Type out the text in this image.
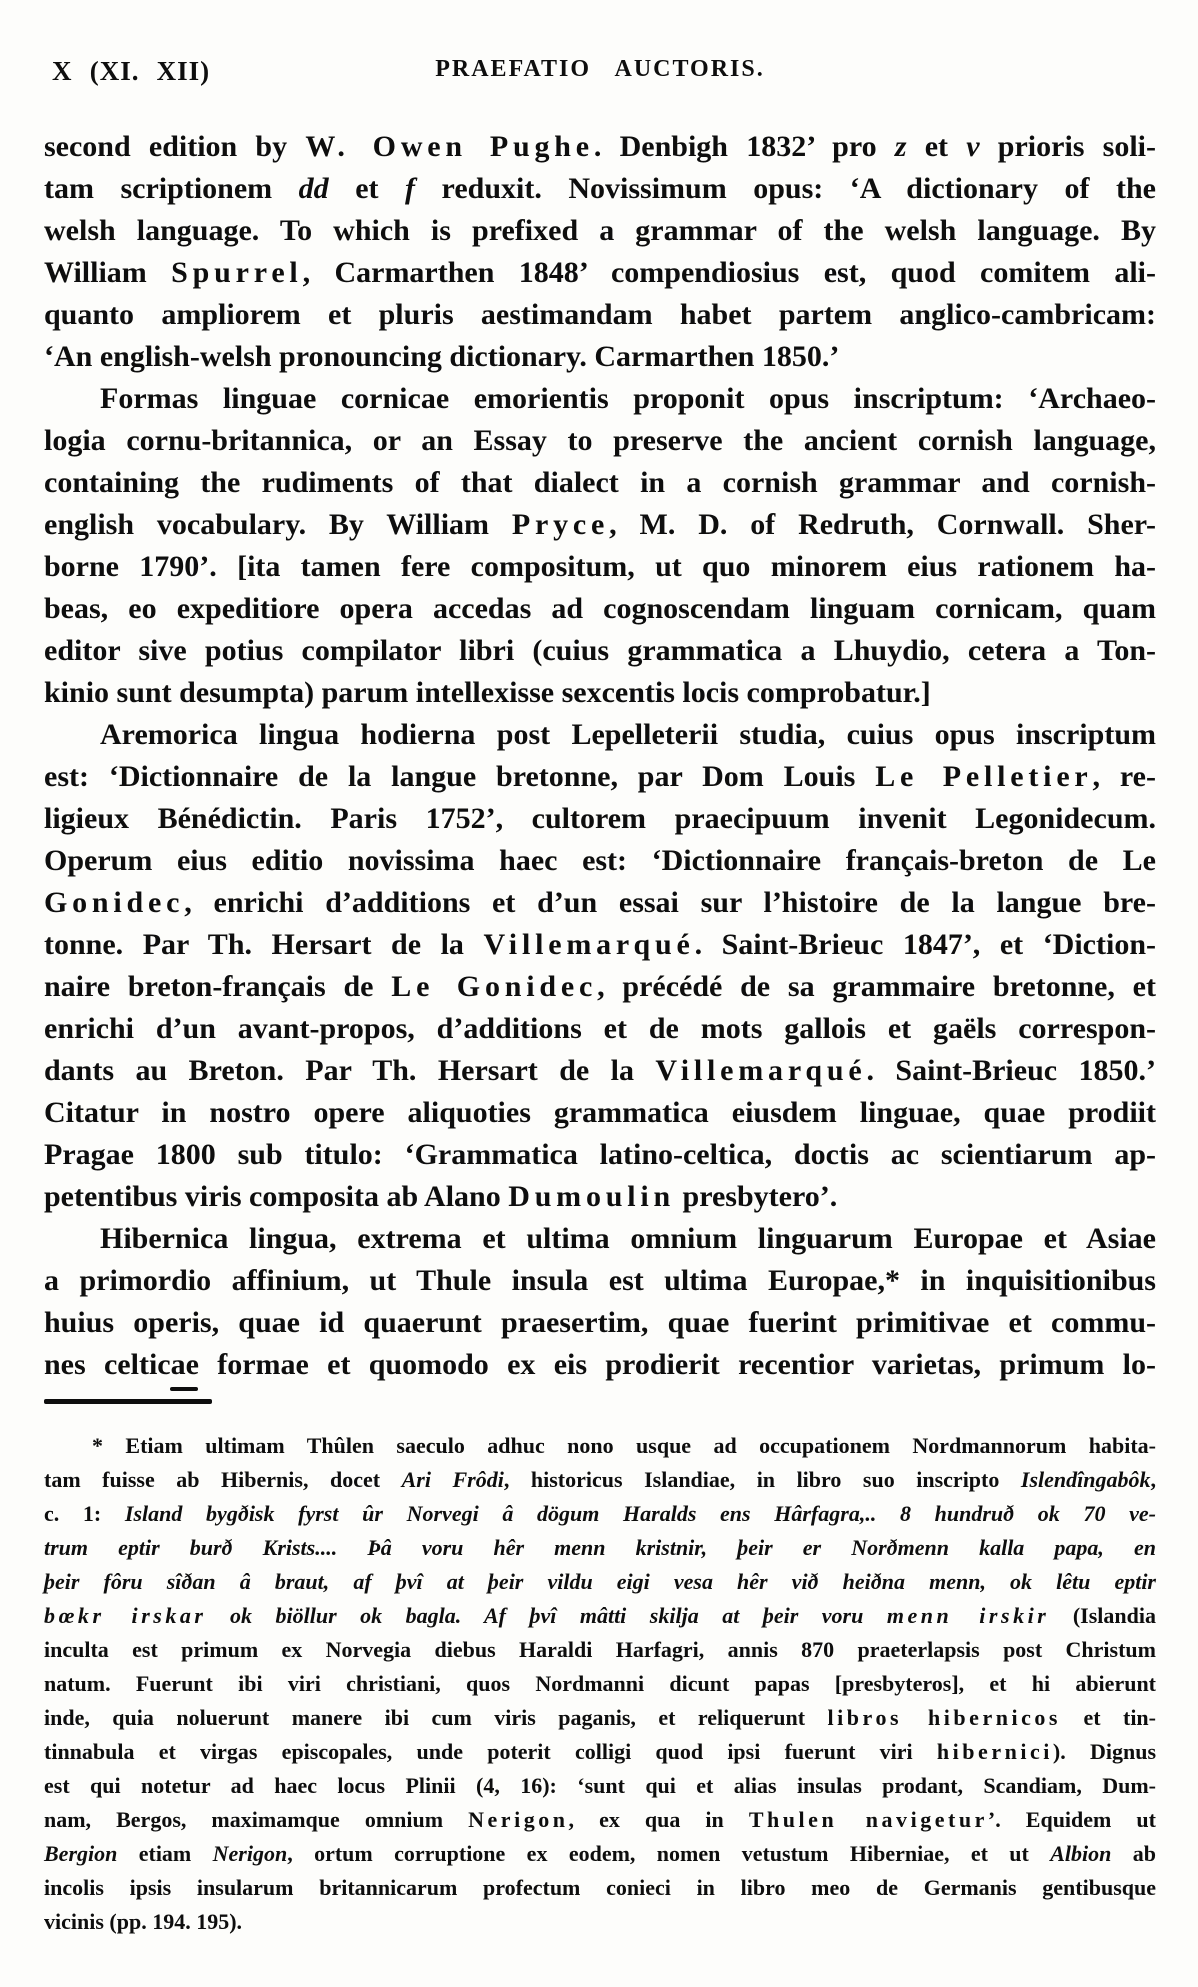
X (XI. XII)	PRAEFATIO AUCTORIS.
second edition by W. Owen Pughe. Denbigh 1832’ pro z et v prioris soli-
tam scriptionem dd et f reduxit. Novissimum opus: ‘A dictionary of the
welsh language. To which is prefixed a grammar of the welsh language. By
William Spurrel, Carmarthen 1848’ compendiosius est, quod comitem ali-
quanto ampliorem et pluris aestimandam habet partem anglico-cambricam:
‘An english-welsh pronouncing dictionary. Carmarthen 1850.’
Formas linguae cornicae emorientis proponit opus inscriptum: ‘Archaeo-
logia cornu-britannica, or an Essay to preserve the ancient cornish language,
containing the rudiments of that dialect in a cornish grammar and cornish-
english vocabulary. By William Pryce, M. D. of Redruth, Cornwall. Sher-
borne 1790’. [ita tamen fere compositum, ut quo minorem eius rationem ha-
beas, eo expeditiore opera accedas ad cognoscendam linguam cornicam, quam
editor sive potius compilator libri (cuius grammatica a Lhuydio, cetera a Ton-
kinio sunt desumpta) parum intellexisse sexcentis locis comprobatur.]
Aremorica lingua hodierna post Lepelleterii studia, cuius opus inscriptum
est: ‘Dictionnaire de la langue bretonne, par Dom Louis Le Pelletier, re-
ligieux Bénédictin. Paris 1752’, cultorem praecipuum invenit Legonidecum.
Operum eius editio novissima haec est: ‘Dictionnaire français-breton de Le
Gonidec, enrichi d’additions et d’un essai sur l’histoire de la langue bre-
tonne. Par Th. Hersart de la Villemarqué. Saint-Brieuc 1847’, et ‘Diction-
naire breton-français de Le Gonidec, précédé de sa grammaire bretonne, et
enrichi d’un avant-propos, d’additions et de mots gallois et gaëls correspon-
dants au Breton. Par Th. Hersart de la Villemarqué. Saint-Brieuc 1850.’
Citatur in nostro opere aliquoties grammatica eiusdem linguae, quae prodiit
Pragae 1800 sub titulo: ‘Grammatica latino-celtica, doctis ac scientiarum ap-
petentibus viris composita ab Alano Dumoulin presbytero’.
Hibernica lingua, extrema et ultima omnium linguarum Europae et Asiae
a primordio affinium, ut Thule insula est ultima Europae,* in inquisitionibus
huius operis, quae id quaerunt praesertim, quae fuerint primitivae et commu-
nes celticae formae et quomodo ex eis prodierit recentior varietas, primum lo-
* Etiam ultimam Thûlen saeculo adhuc nono usque ad occupationem Nordmannorum habita-
tam fuisse ab Hibernis, docet Ari Frôdi, historicus Islandiae, in libro suo inscripto Islendîngabôk,
c. 1: Island bygðisk fyrst ûr Norvegi â dögum Haralds ens Hârfagra,.. 8 hundruð ok 70 ve-
trum eptir burð Krists.... Þâ voru hêr menn kristnir, þeir er Norðmenn kalla papa, en
þeir fôru sîðan â braut, af þvî at þeir vildu eigi vesa hêr við heiðna menn, ok lêtu eptir
bœkr irskar ok biöllur ok bagla. Af þvî mâtti skilja at þeir voru menn irskir (Islandia
inculta est primum ex Norvegia diebus Haraldi Harfagri, annis 870 praeterlapsis post Christum
natum. Fuerunt ibi viri christiani, quos Nordmanni dicunt papas [presbyteros], et hi abierunt
inde, quia noluerunt manere ibi cum viris paganis, et reliquerunt libros hibernicos et tin-
tinnabula et virgas episcopales, unde poterit colligi quod ipsi fuerunt viri hibernici). Dignus
est qui notetur ad haec locus Plinii (4, 16): ‘sunt qui et alias insulas prodant, Scandiam, Dum-
nam, Bergos, maximamque omnium Nerigon, ex qua in Thulen navigetur’. Equidem ut
Bergion etiam Nerigon, ortum corruptione ex eodem, nomen vetustum Hiberniae, et ut Albion ab
incolis ipsis insularum britannicarum profectum conieci in libro meo de Germanis gentibusque
vicinis (pp. 194. 195).
